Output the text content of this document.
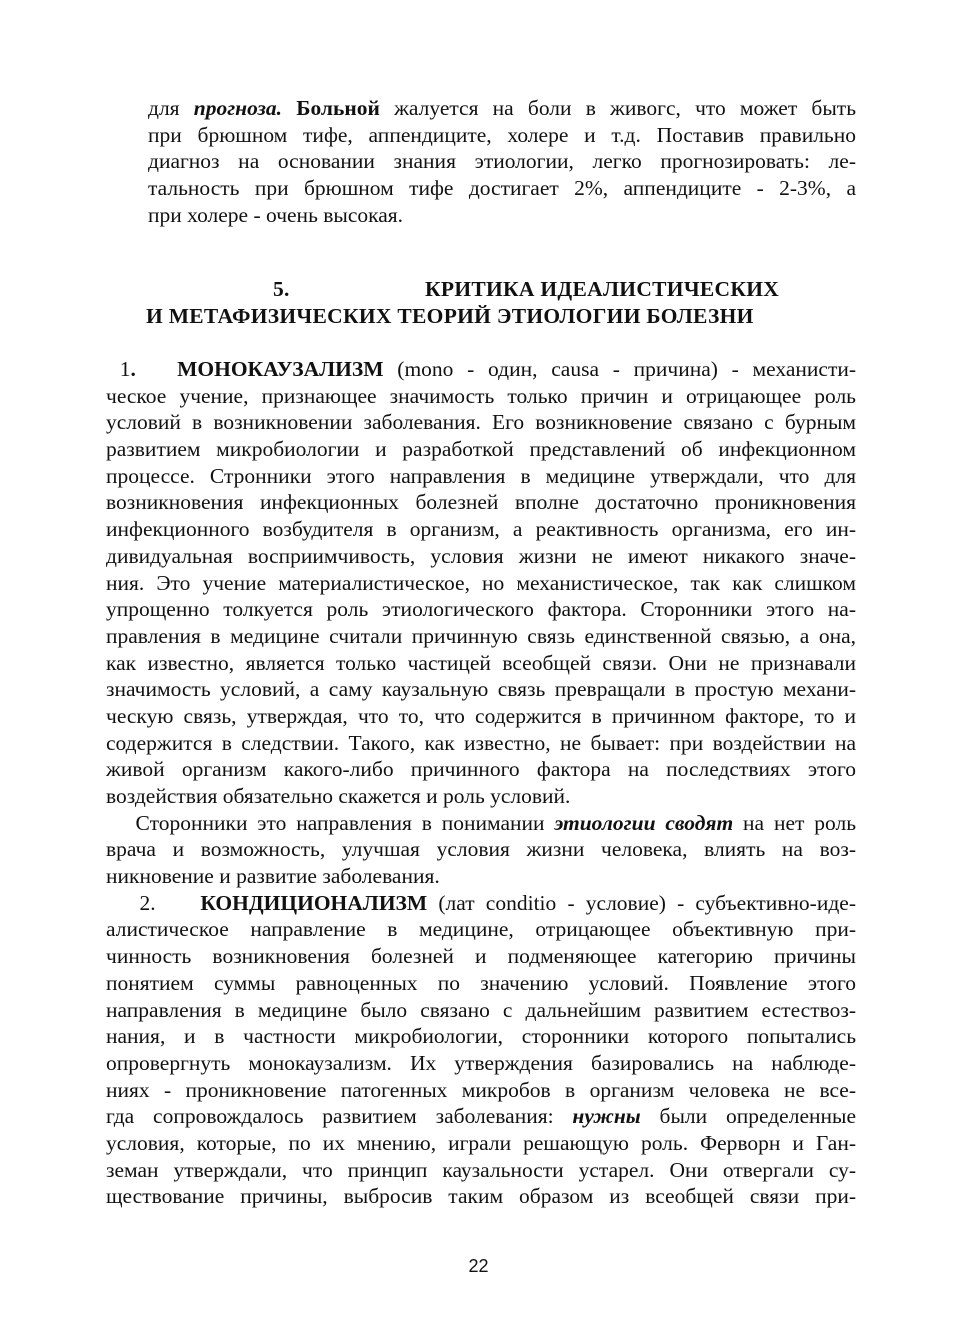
для прогноза. Больной жалуется на боли в живогс, что может быть
при брюшном тифе, аппендиците, холере и т.д. Поставив правильно
диагноз на основании знания этиологии, легко прогнозировать: ле-
тальность при брюшном тифе достигает 2%, аппендиците - 2-3%, а
при холере - очень высокая.
5.	КРИТИКА ИДЕАЛИСТИЧЕСКИХ
И МЕТАФИЗИЧЕСКИХ ТЕОРИЙ ЭТИОЛОГИИ БОЛЕЗНИ
1. МОНОКАУЗАЛИЗМ (mono - один, causa - причина) - механисти-
ческое учение, признающее значимость только причин и отрицающее роль
условий в возникновении заболевания. Его возникновение связано с бурным
развитием микробиологии и разработкой представлений об инфекционном
процессе. Стронники этого направления в медицине утверждали, что для
возникновения инфекционных болезней вполне достаточно проникновения
инфекционного возбудителя в организм, а реактивность организма, его ин-
дивидуальная восприимчивость, условия жизни не имеют никакого значе-
ния. Это учение материалистическое, но механистическое, так как слишком
упрощенно толкуется роль этиологического фактора. Сторонники этого на-
правления в медицине считали причинную связь единственной связью, а она,
как известно, является только частицей всеобщей связи. Они не признавали
значимость условий, а саму каузальную связь превращали в простую механи-
ческую связь, утверждая, что то, что содержится в причинном факторе, то и
содержится в следствии. Такого, как известно, не бывает: при воздействии на
живой организм какого-либо причинного фактора на последствиях этого
воздействия обязательно скажется и роль условий.
Сторонники это направления в понимании этиологии сводят на нет роль
врача и возможность, улучшая условия жизни человека, влиять на воз-
никновение и развитие заболевания.
2.    КОНДИЦИОНАЛИЗМ (лат conditio - условие) - субъективно-иде-
алистическое направление в медицине, отрицающее объективную при-
чинность возникновения болезней и подменяющее категорию причины
понятием суммы равноценных по значению условий. Появление этого
направления в медицине было связано с дальнейшим развитием естествоз-
нания, и в частности микробиологии, сторонники которого попытались
опровергнуть монокаузализм. Их утверждения базировались на наблюде-
ниях - проникновение патогенных микробов в организм человека не все-
гда сопровождалось развитием заболевания: нужны были определенные
условия, которые, по их мнению, играли решающую роль. Ферворн и Ган-
земан утверждали, что принцип каузальности устарел. Они отвергали су-
ществование причины, выбросив таким образом из всеобщей связи при-
22
